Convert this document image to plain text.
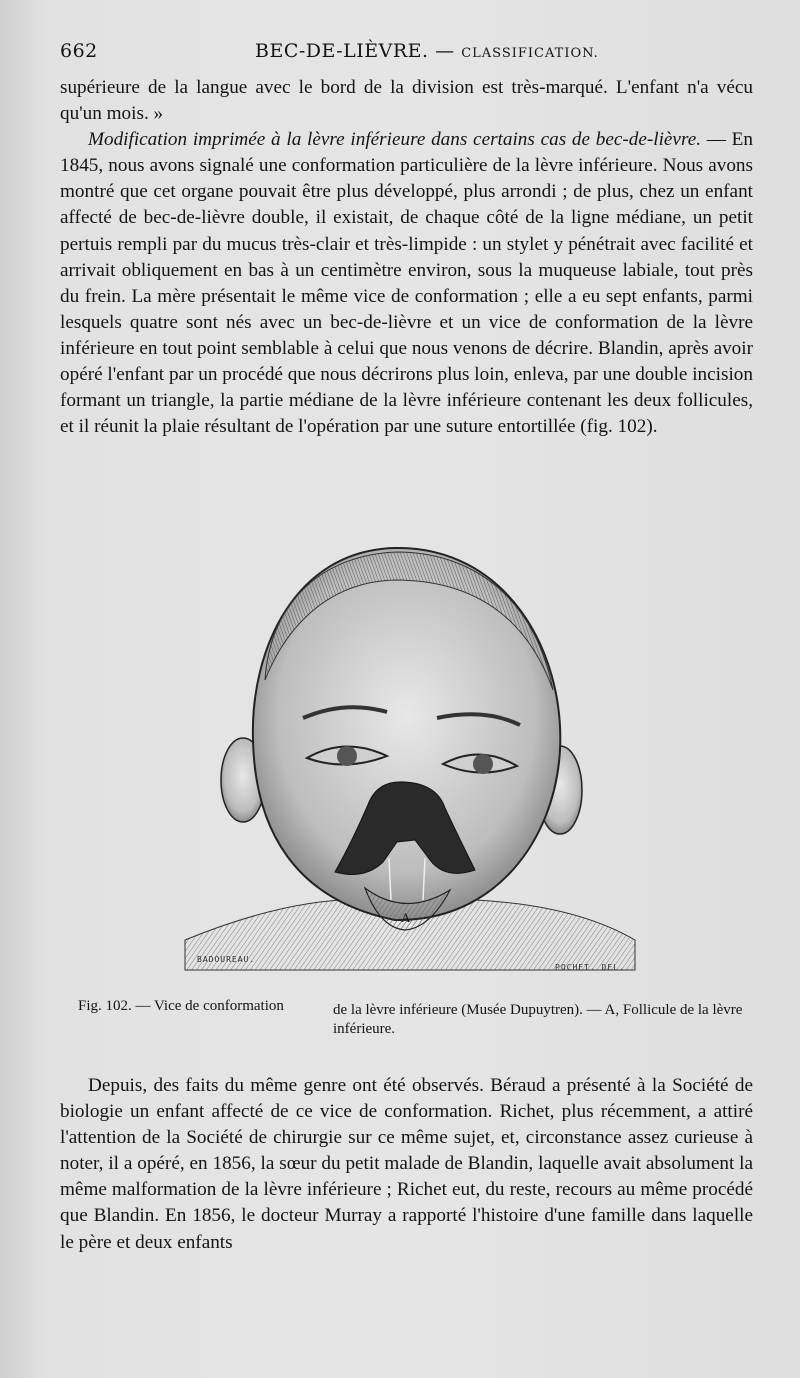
662	BEC-DE-LIÈVRE. — CLASSIFICATION.
supérieure de la langue avec le bord de la division est très-marqué. L'enfant n'a vécu qu'un mois. »
Modification imprimée à la lèvre inférieure dans certains cas de bec-de-lièvre. — En 1845, nous avons signalé une conformation particulière de la lèvre inférieure. Nous avons montré que cet organe pouvait être plus développé, plus arrondi ; de plus, chez un enfant affecté de bec-de-lièvre double, il existait, de chaque côté de la ligne médiane, un petit pertuis rempli par du mucus très-clair et très-limpide : un stylet y pénétrait avec facilité et arrivait obliquement en bas à un centimètre environ, sous la muqueuse labiale, tout près du frein. La mère présentait le même vice de conformation ; elle a eu sept enfants, parmi lesquels quatre sont nés avec un bec-de-lièvre et un vice de conformation de la lèvre inférieure en tout point semblable à celui que nous venons de décrire. Blandin, après avoir opéré l'enfant par un procédé que nous décrirons plus loin, enleva, par une double incision formant un triangle, la partie médiane de la lèvre inférieure contenant les deux follicules, et il réunit la plaie résultant de l'opération par une suture entortillée (fig. 102).
A
BADOUREAU.
POCHET. DEL.
Fig. 102. — Vice de conformation	de la lèvre inférieure (Musée Dupuytren). — A, Follicule de la lèvre inférieure.
Depuis, des faits du même genre ont été observés. Béraud a présenté à la Société de biologie un enfant affecté de ce vice de conformation. Richet, plus récemment, a attiré l'attention de la Société de chirurgie sur ce même sujet, et, circonstance assez curieuse à noter, il a opéré, en 1856, la sœur du petit malade de Blandin, laquelle avait absolument la même malformation de la lèvre inférieure ; Richet eut, du reste, recours au même procédé que Blandin. En 1856, le docteur Murray a rapporté l'histoire d'une famille dans laquelle le père et deux enfants
